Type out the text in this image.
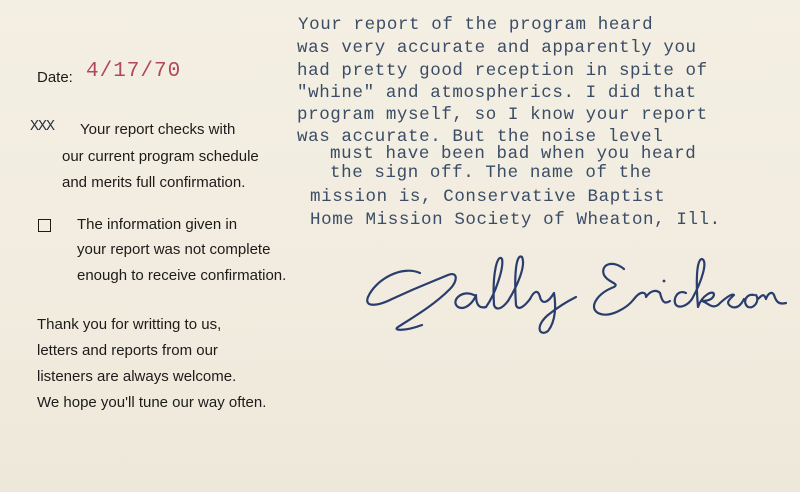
Date: 4/17/70
XXX Your report checks with
our current program schedule
and merits full confirmation.
The information given in
your report was not complete
enough to receive confirmation.
Thank you for writting to us,
letters and reports from our
listeners are always welcome.
We hope you'll tune our way often.
Your report of the program heard
was very accurate and apparently you
had pretty good reception in spite of
"whine" and atmospherics. I did that
program myself, so I know your report
was accurate. But the noise level
must have been bad when you heard
the sign off. The name of the
mission is, Conservative Baptist
Home Mission Society of Wheaton, Ill.
